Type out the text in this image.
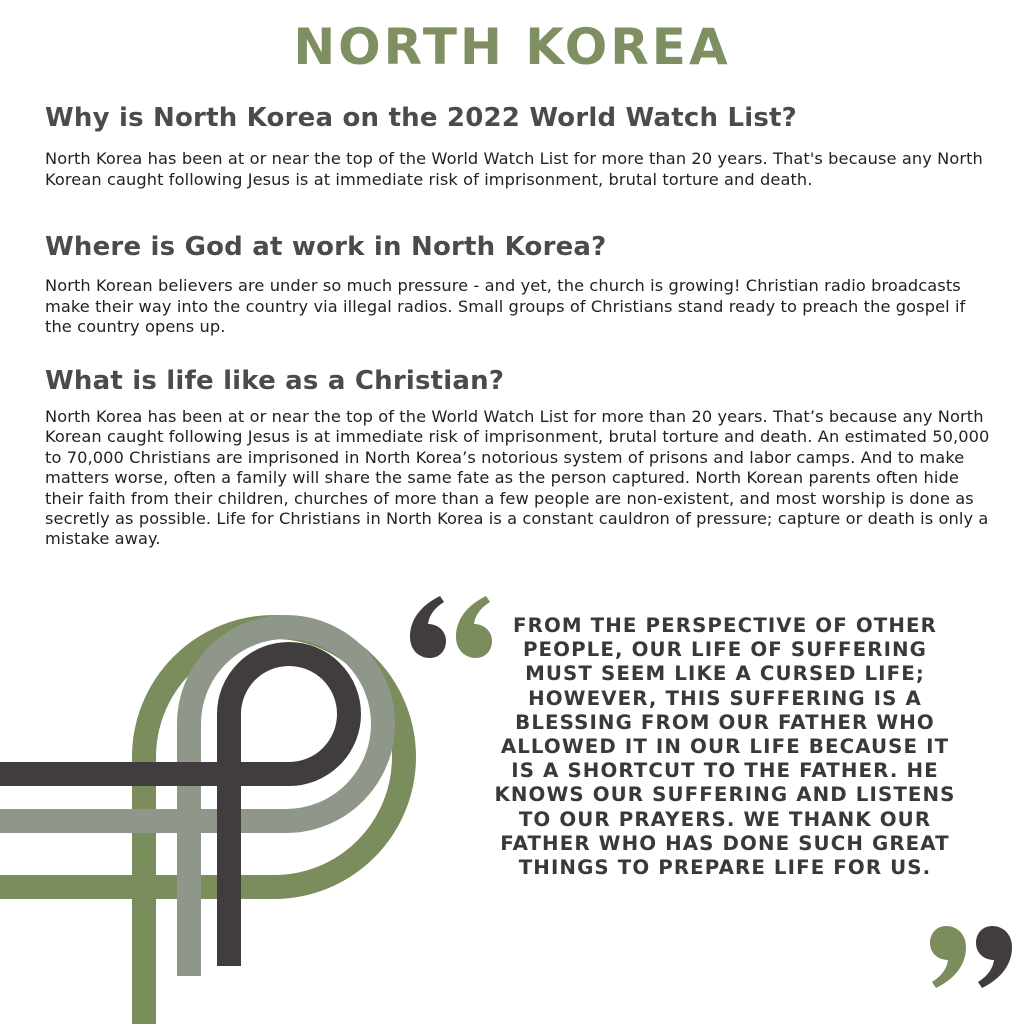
NORTH KOREA
Why is North Korea on the 2022 World Watch List?

North Korea has been at or near the top of the World Watch List for more than 20 years. That's because any North Korean caught following Jesus is at immediate risk of imprisonment, brutal torture and death.

Where is God at work in North Korea?

North Korean believers are under so much pressure - and yet, the church is growing! Christian radio broadcasts make their way into the country via illegal radios. Small groups of Christians stand ready to preach the gospel if the country opens up.

What is life like as a Christian?

North Korea has been at or near the top of the World Watch List for more than 20 years. That’s because any North Korean caught following Jesus is at immediate risk of imprisonment, brutal torture and death. An estimated 50,000 to 70,000 Christians are imprisoned in North Korea’s notorious system of prisons and labor camps. And to make matters worse, often a family will share the same fate as the person captured. North Korean parents often hide their faith from their children, churches of more than a few people are non-existent, and most worship is done as secretly as possible. Life for Christians in North Korea is a constant cauldron of pressure; capture or death is only a mistake away.

FROM THE PERSPECTIVE OF OTHER PEOPLE, OUR LIFE OF SUFFERING MUST SEEM LIKE A CURSED LIFE; HOWEVER, THIS SUFFERING IS A BLESSING FROM OUR FATHER WHO ALLOWED IT IN OUR LIFE BECAUSE IT IS A SHORTCUT TO THE FATHER. HE KNOWS OUR SUFFERING AND LISTENS TO OUR PRAYERS. WE THANK OUR FATHER WHO HAS DONE SUCH GREAT THINGS TO PREPARE LIFE FOR US.
